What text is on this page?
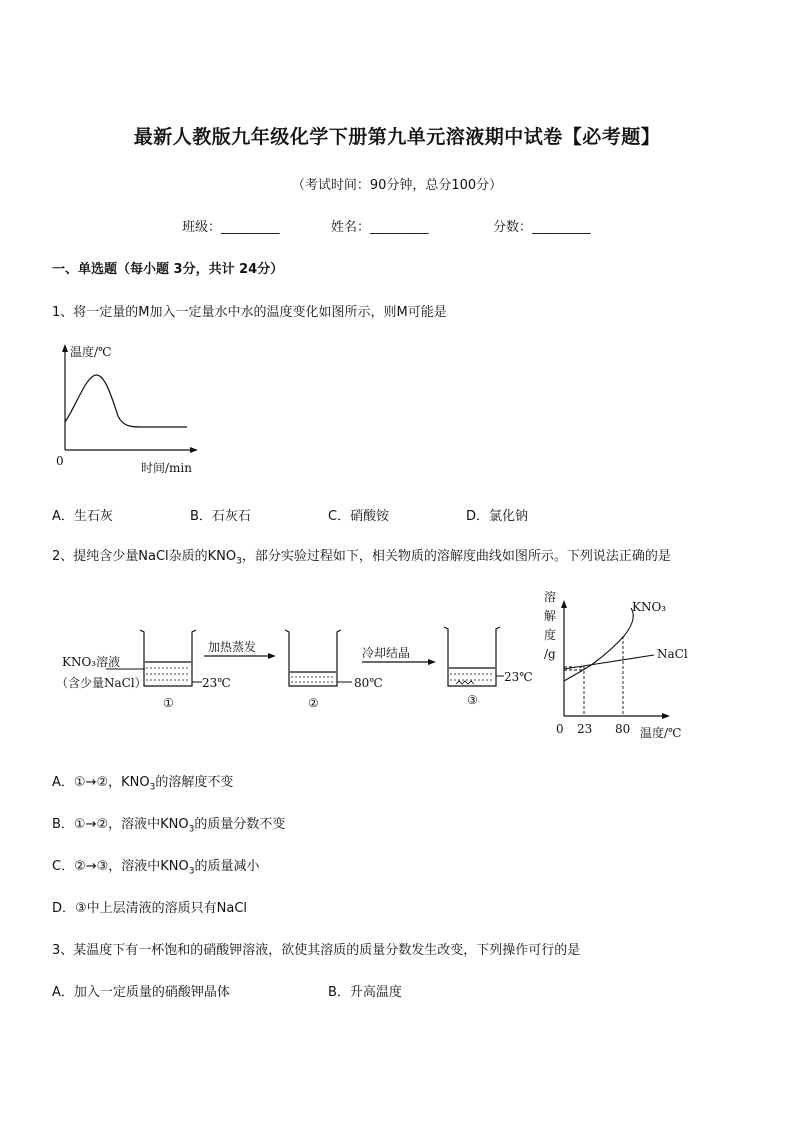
最新人教版九年级化学下册第九单元溶液期中试卷【必考题】
（考试时间：90分钟，总分100分）
班级：_________	姓名：_________	分数：_________
一、单选题（每小题 3分，共计 24分）
1、将一定量的M加入一定量水中水的温度变化如图所示，则M可能是
温度/℃
0	时间/min
A．生石灰	B．石灰石	C．硝酸铵	D．氯化钠
2、提纯含少量NaCl杂质的$KNO_3$，部分实验过程如下，相关物质的溶解度曲线如图所示。下列说法正确的是
KNO₃溶液
（含少量NaCl）	23℃
①
加热蒸发
80℃
②
冷却结晶
23℃
③
溶
解
度
/g
KNO₃
NaCl
0 23 80 温度/℃
A．①→②，$KNO_3$的溶解度不变
B．①→②，溶液中$KNO_3$的质量分数不变
C．②→③，溶液中$KNO_3$的质量减小
D．③中上层清液的溶质只有NaCl
3、某温度下有一杯饱和的硝酸钾溶液，欲使其溶质的质量分数发生改变，下列操作可行的是
A．加入一定质量的硝酸钾晶体	B．升高温度
